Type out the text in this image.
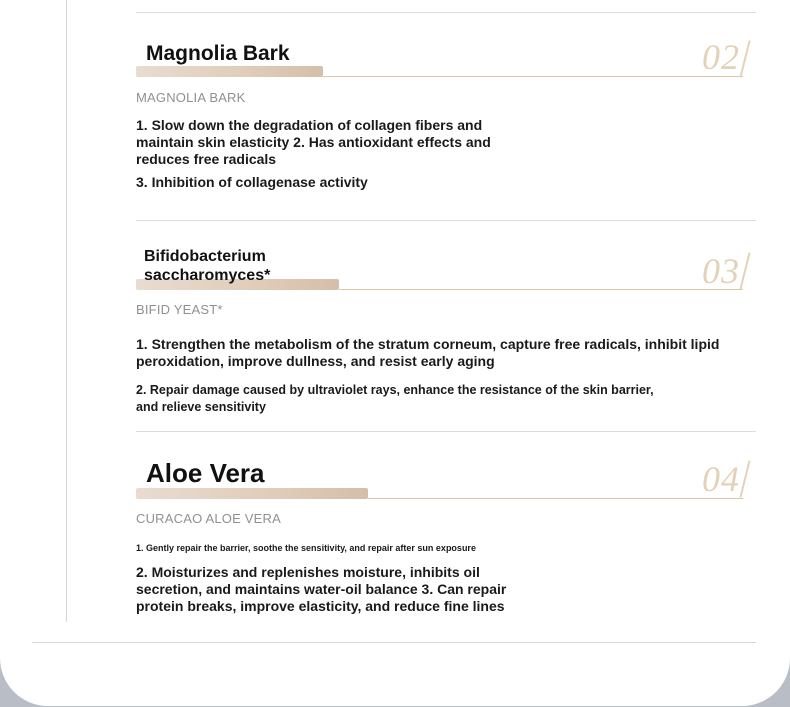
Magnolia Bark	02
MAGNOLIA BARK
1. Slow down the degradation of collagen fibers and maintain skin elasticity 2. Has antioxidant effects and reduces free radicals
3. Inhibition of collagenase activity
Bifidobacterium saccharomyces*	03
BIFID YEAST*
1. Strengthen the metabolism of the stratum corneum, capture free radicals, inhibit lipid peroxidation, improve dullness, and resist early aging
2. Repair damage caused by ultraviolet rays, enhance the resistance of the skin barrier, and relieve sensitivity
Aloe Vera	04
CURACAO ALOE VERA
1. Gently repair the barrier, soothe the sensitivity, and repair after sun exposure
2. Moisturizes and replenishes moisture, inhibits oil secretion, and maintains water-oil balance 3. Can repair protein breaks, improve elasticity, and reduce fine lines
